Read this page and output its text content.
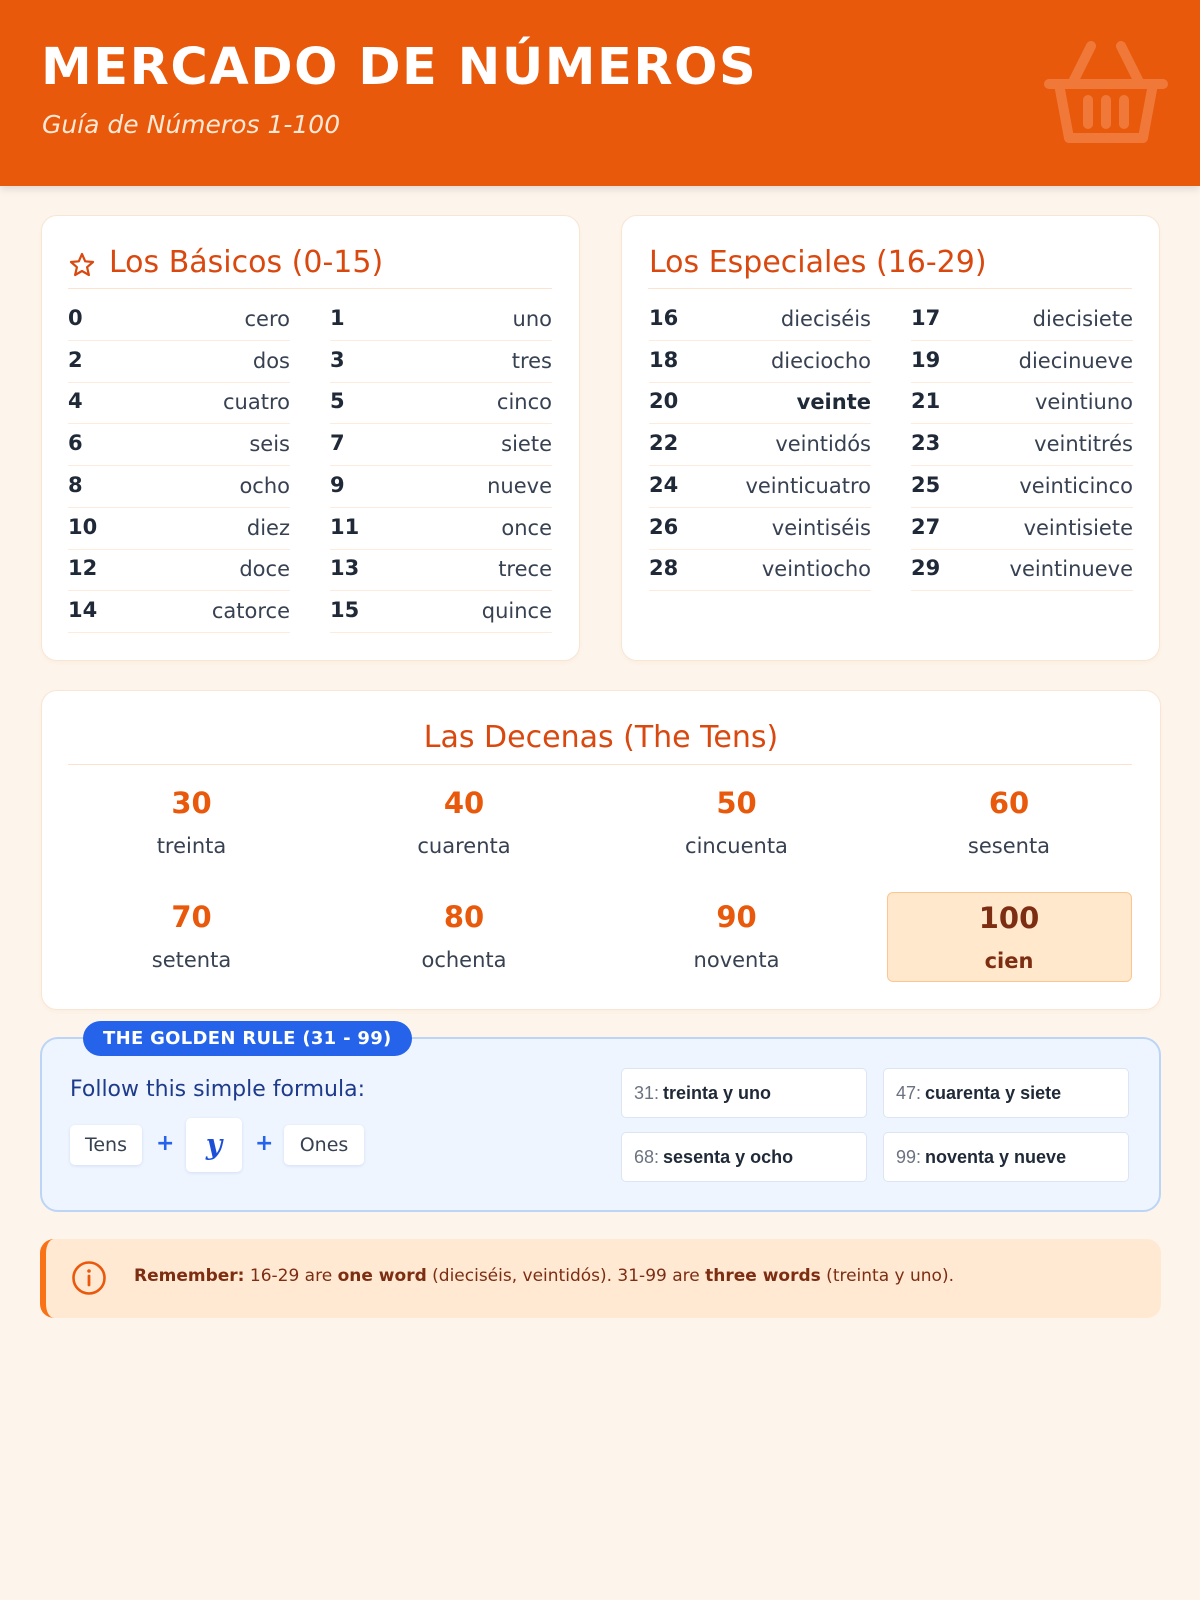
MERCADO DE NÚMEROS
Guía de Números 1-100
Los Básicos (0-15)
0	cero 1	uno
2	dos 3	tres
4	cuatro 5	cinco
6	seis 7	siete
8	ocho 9	nueve
10	diez 11	once
12	doce 13	trece
14	catorce 15	quince
Los Especiales (16-29)
16	dieciséis 17	diecisiete
18	dieciocho 19	diecinueve
20	veinte 21	veintiuno
22	veintidós 23	veintitrés
24	veinticuatro 25	veinticinco
26	veintiséis 27	veintisiete
28	veintiocho 29	veintinueve
Las Decenas (The Tens)
30
treinta
40
cuarenta
50
cincuenta
60
sesenta
70
setenta
80
ochenta
90
noventa
100
cien
THE GOLDEN RULE (31 - 99)
Follow this simple formula:
Tens	+	y	+	Ones
31: treinta y uno	47: cuarenta y siete
68: sesenta y ocho	99: noventa y nueve
Remember: 16-29 are one word (dieciséis, veintidós). 31-99 are three words (treinta y uno).
